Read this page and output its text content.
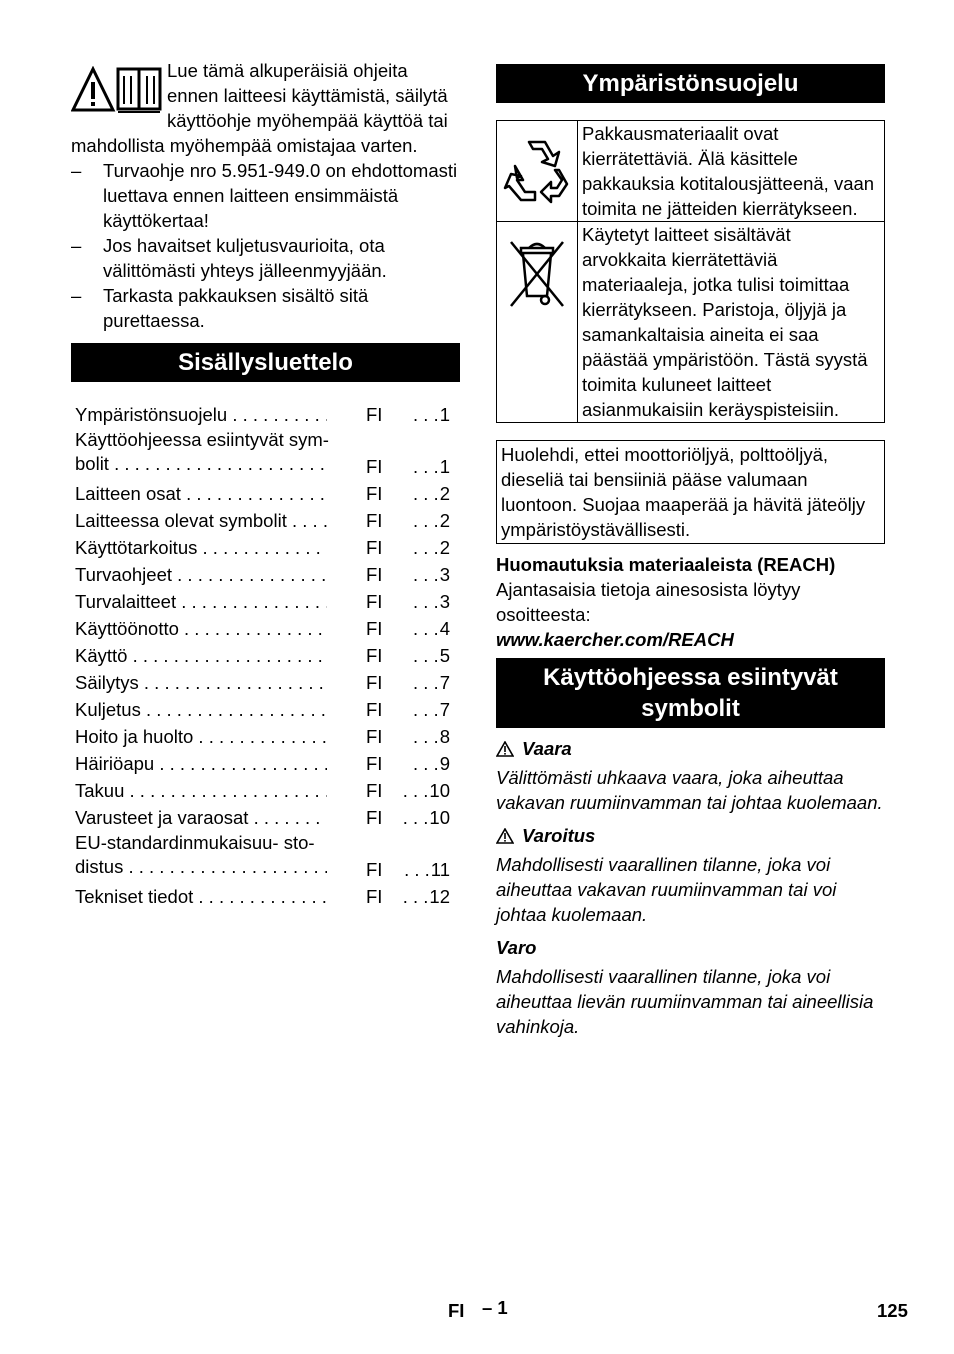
Lue tämä alkuperäisiä ohjeita ennen laitteesi käyttämistä, säilytä käyttöohje myöhempää käyttöä tai mahdollista myöhempää omistajaa varten.

– Turvaohje nro 5.951-949.0 on ehdottomasti luettava ennen laitteen ensimmäistä käyttökertaa!
– Jos havaitset kuljetusvaurioita, ota välittömästi yhteys jälleenmyyjään.
– Tarkasta pakkauksen sisältö sitä purettaessa.
Sisällysluettelo
Ympäristönsuojelu . . .	FI	. . . 1
Käyttöohjeessa esiintyvät sym-
bolit . . .	FI	. . . 1
Laitteen osat . . .	FI	. . . 2
Laitteessa olevat symbolit . . .	FI	. . . 2
Käyttötarkoitus . . .	FI	. . . 2
Turvaohjeet . . .	FI	. . . 3
Turvalaitteet . . .	FI	. . . 3
Käyttöönotto . . .	FI	. . . 4
Käyttö . . .	FI	. . . 5
Säilytys . . .	FI	. . . 7
Kuljetus . . .	FI	. . . 7
Hoito ja huolto . . .	FI	. . . 8
Häiriöapu . . .	FI	. . . 9
Takuu . . .	FI	. . . 10
Varusteet ja varaosat . . .	FI	. . . 10
EU-standardinmukaisuu- sto-
distus . . .	FI	. . . 11
Tekniset tiedot . . .	FI	. . . 12
Ympäristönsuojelu
	Pakkausmateriaalit ovat kierrätettäviä. Älä käsittele pakkauksia kotitalousjätteenä, vaan toimita ne jätteiden kierrätykseen.
	Käytetyt laitteet sisältävät arvokkaita kierrätettäviä materiaaleja, jotka tulisi toimittaa kierrätykseen. Paristoja, öljyjä ja samankaltaisia aineita ei saa päästää ympäristöön. Tästä syystä toimita kuluneet laitteet asianmukaisiin keräyspisteisiin.
Huolehdi, ettei moottoriöljyä, polttoöljyä, dieseliä tai bensiiniä pääse valumaan luontoon. Suojaa maaperää ja hävitä jäteöljy ympäristöystävällisesti.
Huomautuksia materiaaleista (REACH)
Ajantasaisia tietoja ainesosista löytyy osoitteesta:
www.kaercher.com/REACH
Käyttöohjeessa esiintyvät symbolit
Vaara
Välittömästi uhkaava vaara, joka aiheuttaa vakavan ruumiinvamman tai johtaa kuolemaan.
Varoitus
Mahdollisesti vaarallinen tilanne, joka voi aiheuttaa vakavan ruumiinvamman tai voi johtaa kuolemaan.
Varo
Mahdollisesti vaarallinen tilanne, joka voi aiheuttaa lievän ruumiinvamman tai aineellisia vahinkoja.
FI – 1	125
